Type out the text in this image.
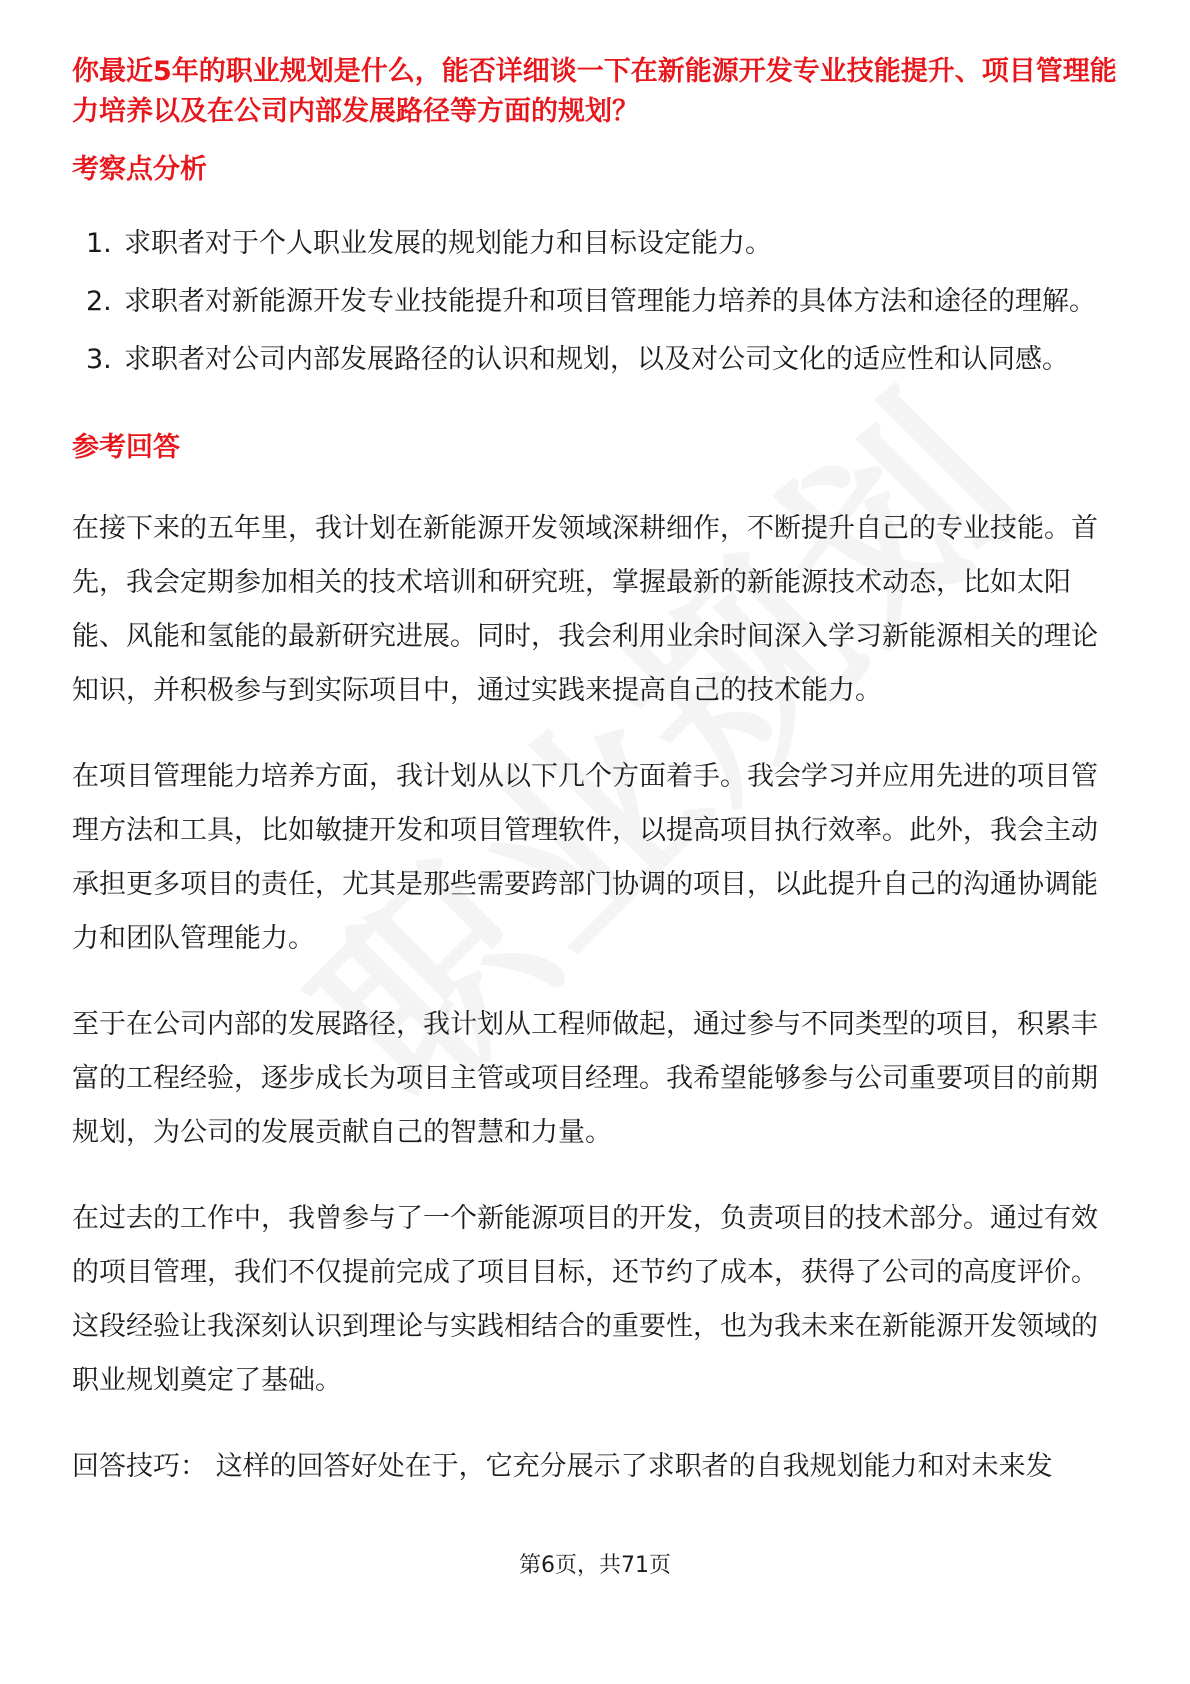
你最近5年的职业规划是什么，能否详细谈一下在新能源开发专业技能提升、项目管理能力培养以及在公司内部发展路径等方面的规划？

考察点分析

1. 求职者对于个人职业发展的规划能力和目标设定能力。
2. 求职者对新能源开发专业技能提升和项目管理能力培养的具体方法和途径的理解。
3. 求职者对公司内部发展路径的认识和规划，以及对公司文化的适应性和认同感。

参考回答

在接下来的五年里，我计划在新能源开发领域深耕细作，不断提升自己的专业技能。首先，我会定期参加相关的技术培训和研究班，掌握最新的新能源技术动态，比如太阳能、风能和氢能的最新研究进展。同时，我会利用业余时间深入学习新能源相关的理论知识，并积极参与到实际项目中，通过实践来提高自己的技术能力。

在项目管理能力培养方面，我计划从以下几个方面着手。我会学习并应用先进的项目管理方法和工具，比如敏捷开发和项目管理软件，以提高项目执行效率。此外，我会主动承担更多项目的责任，尤其是那些需要跨部门协调的项目，以此提升自己的沟通协调能力和团队管理能力。

至于在公司内部的发展路径，我计划从工程师做起，通过参与不同类型的项目，积累丰富的工程经验，逐步成长为项目主管或项目经理。我希望能够参与公司重要项目的前期规划，为公司的发展贡献自己的智慧和力量。

在过去的工作中，我曾参与了一个新能源项目的开发，负责项目的技术部分。通过有效的项目管理，我们不仅提前完成了项目目标，还节约了成本，获得了公司的高度评价。这段经验让我深刻认识到理论与实践相结合的重要性，也为我未来在新能源开发领域的职业规划奠定了基础。

回答技巧： 这样的回答好处在于，它充分展示了求职者的自我规划能力和对未来发

第6页，共71页
